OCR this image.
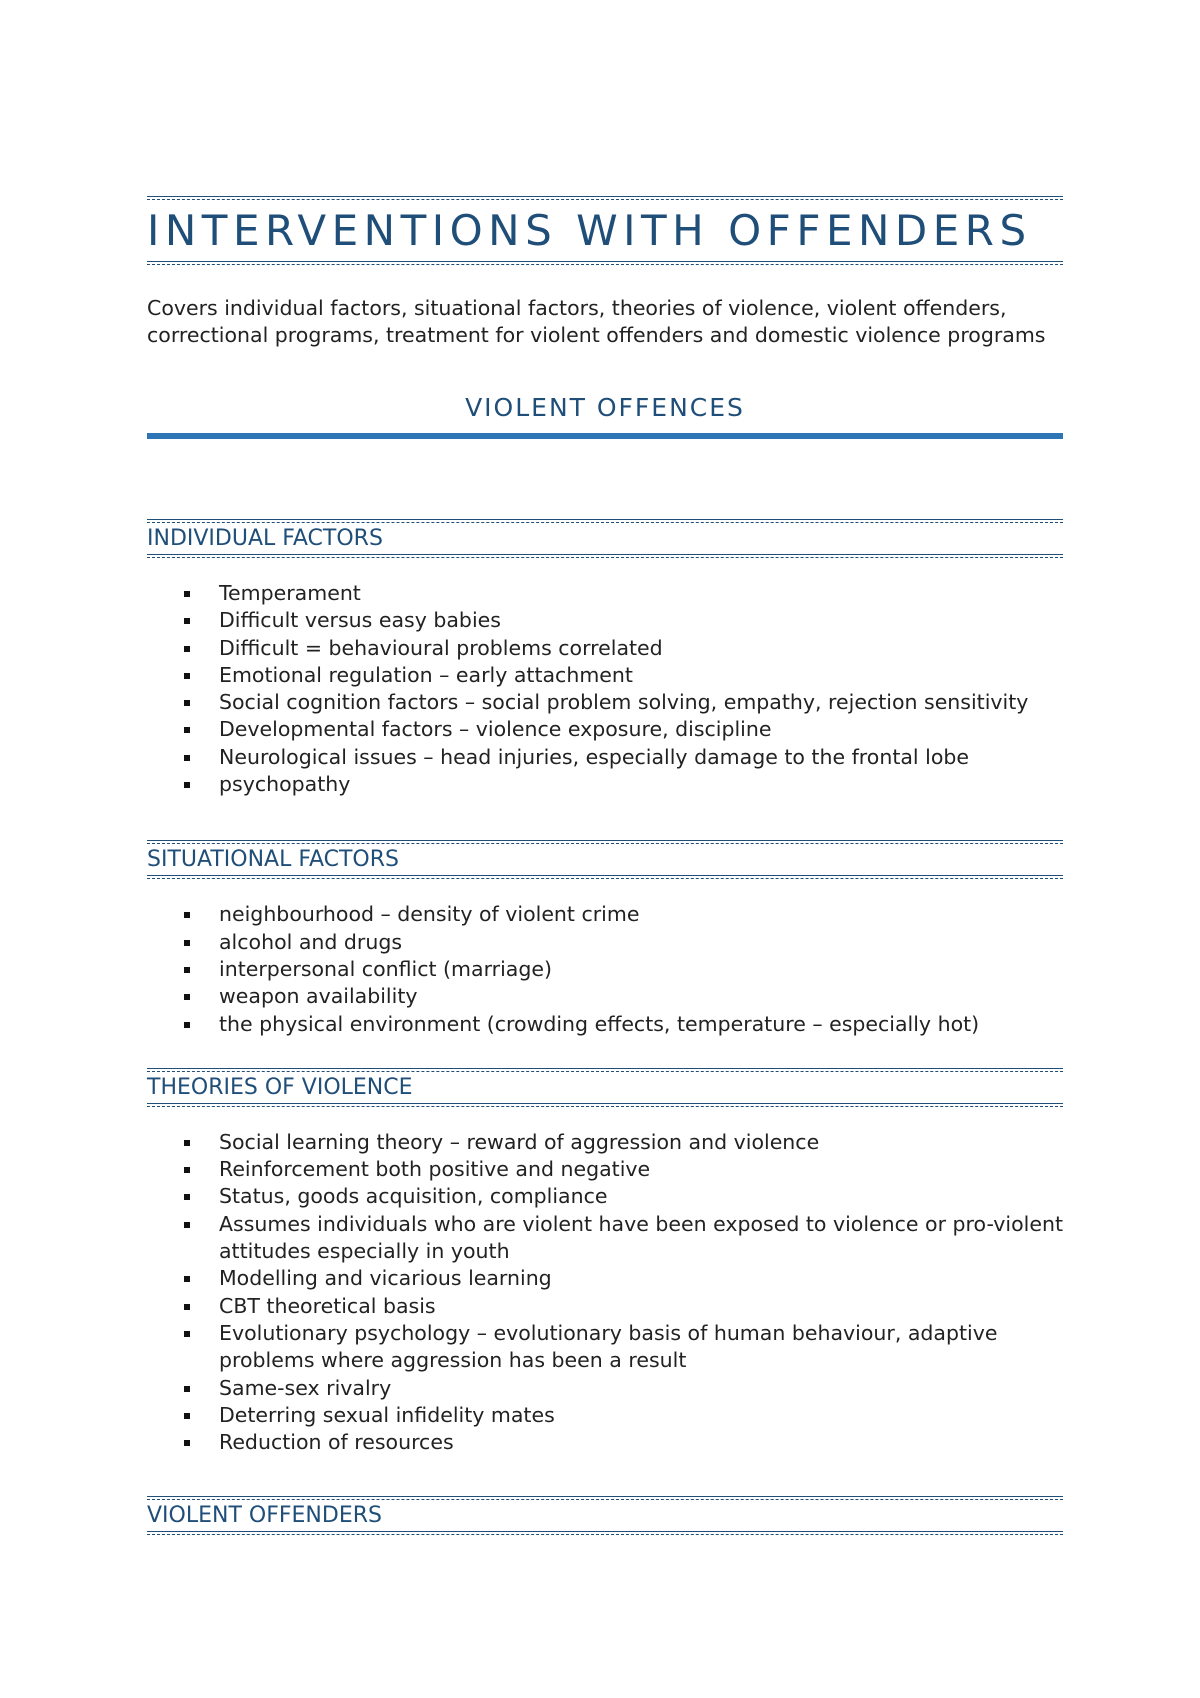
INTERVENTIONS WITH OFFENDERS
Covers individual factors, situational factors, theories of violence, violent offenders, correctional programs, treatment for violent offenders and domestic violence programs
VIOLENT OFFENCES
INDIVIDUAL FACTORS
Temperament
Difficult versus easy babies
Difficult = behavioural problems correlated
Emotional regulation – early attachment
Social cognition factors – social problem solving, empathy, rejection sensitivity
Developmental factors – violence exposure, discipline
Neurological issues – head injuries, especially damage to the frontal lobe
psychopathy
SITUATIONAL FACTORS
neighbourhood – density of violent crime
alcohol and drugs
interpersonal conflict (marriage)
weapon availability
the physical environment (crowding effects, temperature – especially hot)
THEORIES OF VIOLENCE
Social learning theory – reward of aggression and violence
Reinforcement both positive and negative
Status, goods acquisition, compliance
Assumes individuals who are violent have been exposed to violence or pro-violent attitudes especially in youth
Modelling and vicarious learning
CBT theoretical basis
Evolutionary psychology – evolutionary basis of human behaviour, adaptive problems where aggression has been a result
Same-sex rivalry
Deterring sexual infidelity mates
Reduction of resources
VIOLENT OFFENDERS
